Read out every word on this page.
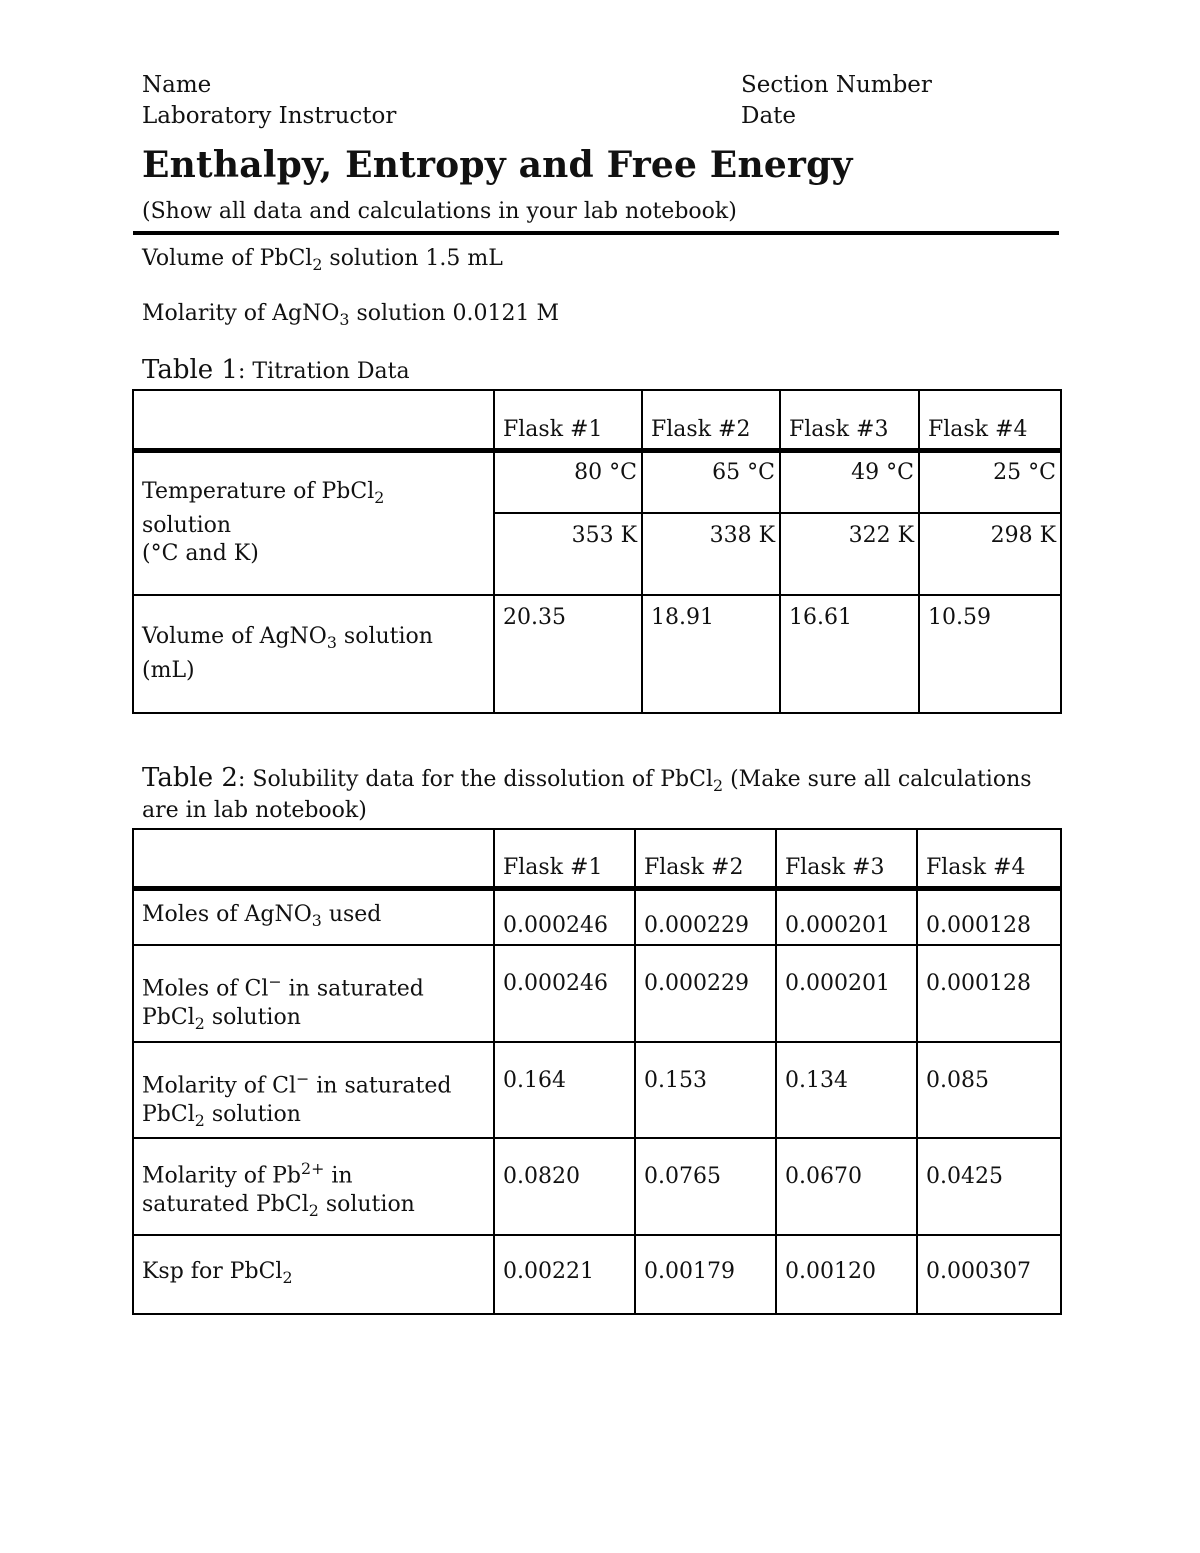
Name	Section Number
Laboratory Instructor	Date
Enthalpy, Entropy and Free Energy
(Show all data and calculations in your lab notebook)
Volume of PbCl$_2$ solution 1.5 mL
Molarity of AgNO$_3$ solution 0.0121 M
Table 1: Titration Data
	Flask #1	Flask #2	Flask #3	Flask #4
Temperature of PbCl$_2$
solution
(°C and K)	80 °C	65 °C	49 °C	25 °C
	353 K	338 K	322 K	298 K
Volume of AgNO$_3$ solution
(mL)	20.35	18.91	16.61	10.59
Table 2: Solubility data for the dissolution of PbCl$_2$ (Make sure all calculations
are in lab notebook)
	Flask #1	Flask #2	Flask #3	Flask #4
Moles of AgNO$_3$ used	0.000246	0.000229	0.000201	0.000128
Moles of Cl− in saturated
PbCl$_2$ solution	0.000246	0.000229	0.000201	0.000128
Molarity of Cl− in saturated
PbCl$_2$ solution	0.164	0.153	0.134	0.085
Molarity of $Pb^{2+}$ in
saturated PbCl$_2$ solution	0.0820	0.0765	0.0670	0.0425
Ksp for PbCl$_2$	0.00221	0.00179	0.00120	0.000307
